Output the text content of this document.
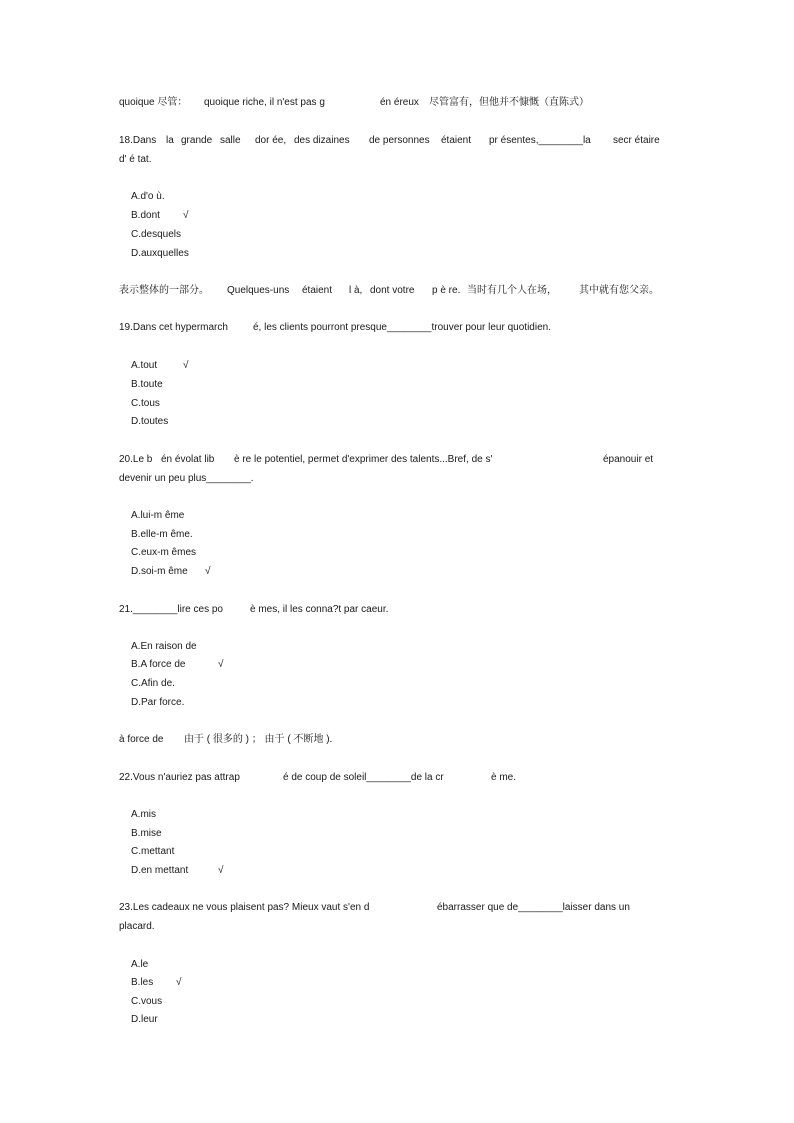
quoique 尽管： quoique riche, il n'est pas g	én éreux 尽管富有，但他并不慷慨（直陈式）
18.Dans la grande salle dor ée, des dizaines de personnes étaient pr ésentes,________la secr étaire
d' é tat.
A.d'o ù.
B.dont √
C.desquels
D.auxquelles
表示整体的一部分。 Quelques-uns étaient l à, dont votre p è re. 当时有几个人在场， 其中就有您父亲。
19.Dans cet hypermarch	é, les clients pourront presque________trouver pour leur quotidien.
A.tout	√
B.toute
C.tous
D.toutes
20.Le b én évolat lib è re le potentiel, permet d'exprimer des talents...Bref, de s'	épanouir et
devenir un peu plus________.
A.lui-m ême
B.elle-m ême.
C.eux-m êmes
D.soi-m ême √
21.________lire ces po	è mes, il les conna?t par caeur.
A.En raison de
B.A force de	√
C.Afin de.
D.Par force.
à force de 由于 ( 很多的 ) ； 由于 ( 不断地 ).
22.Vous n'auriez pas attrap	é de coup de soleil________de la cr	è me.
A.mis
B.mise
C.mettant
D.en mettant	√
23.Les cadeaux ne vous plaisent pas? Mieux vaut s'en d	ébarrasser que de________laisser dans un
placard.
A.le
B.les √
C.vous
D.leur
